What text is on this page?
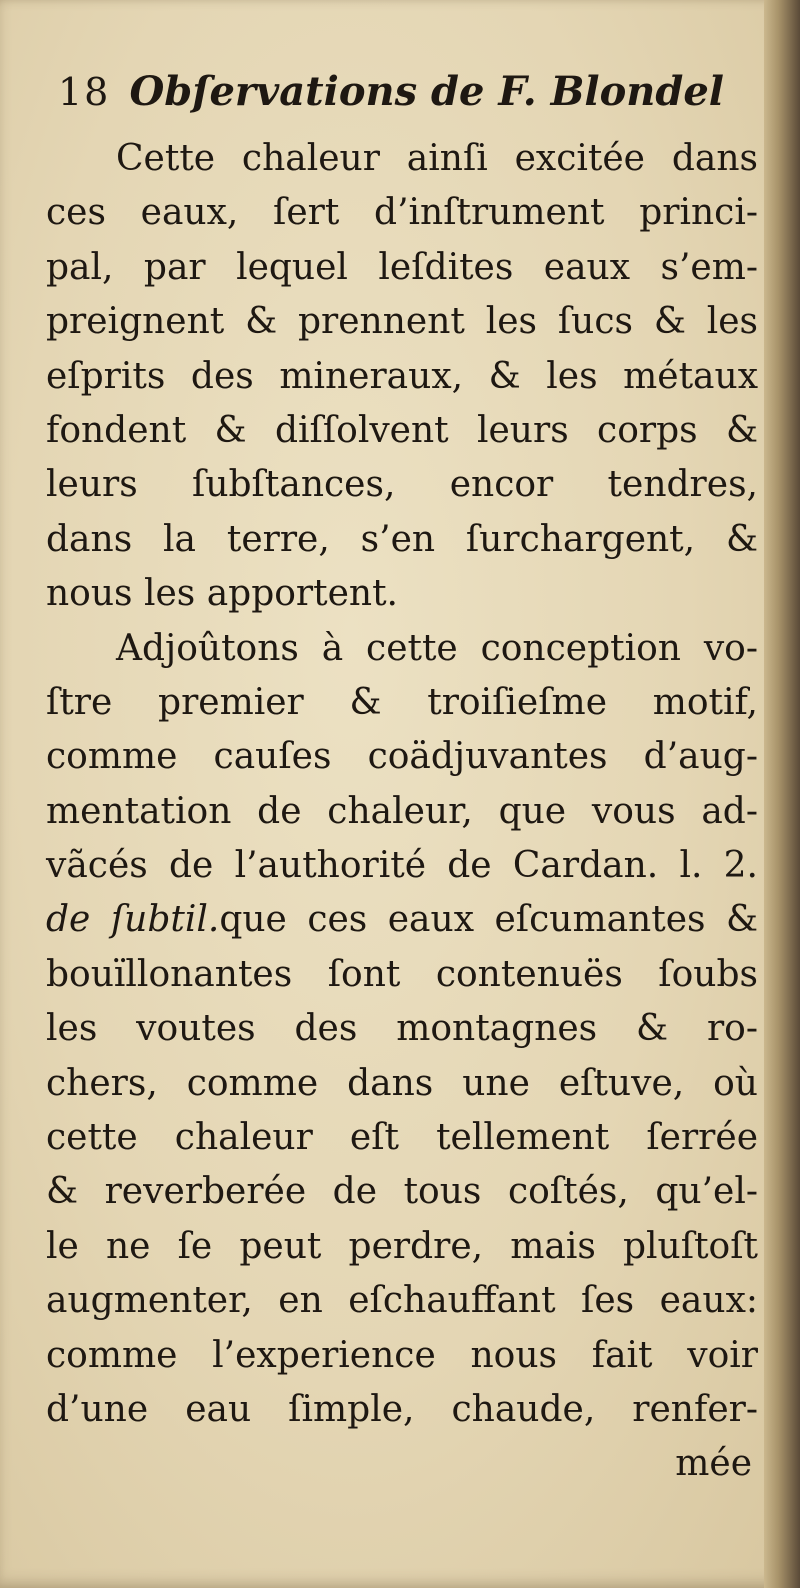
18 Obſervations de F. Blondel
Cette chaleur ainſi excitée dans
ces eaux, ſert d’inſtrument princi-
pal, par lequel leſdites eaux s’em-
preignent & prennent les ſucs & les
eſprits des mineraux, & les métaux
fondent & diſſolvent leurs corps &
leurs ſubſtances, encor tendres,
dans la terre, s’en ſurchargent, &
nous les apportent.
Adjoûtons à cette conception vo-
ſtre premier & troiſieſme motif,
comme cauſes coädjuvantes d’aug-
mentation de chaleur, que vous ad-
vãcés de l’authorité de Cardan. l. 2.
de ſubtil.que ces eaux eſcumantes &
bouïllonantes ſont contenuës ſoubs
les voutes des montagnes & ro-
chers, comme dans une eſtuve, où
cette chaleur eſt tellement ſerrée
& reverberée de tous coſtés, qu’el-
le ne ſe peut perdre, mais pluſtoſt
augmenter, en eſchauffant ſes eaux:
comme l’experience nous fait voir
d’une eau ſimple, chaude, renfer-
mée
